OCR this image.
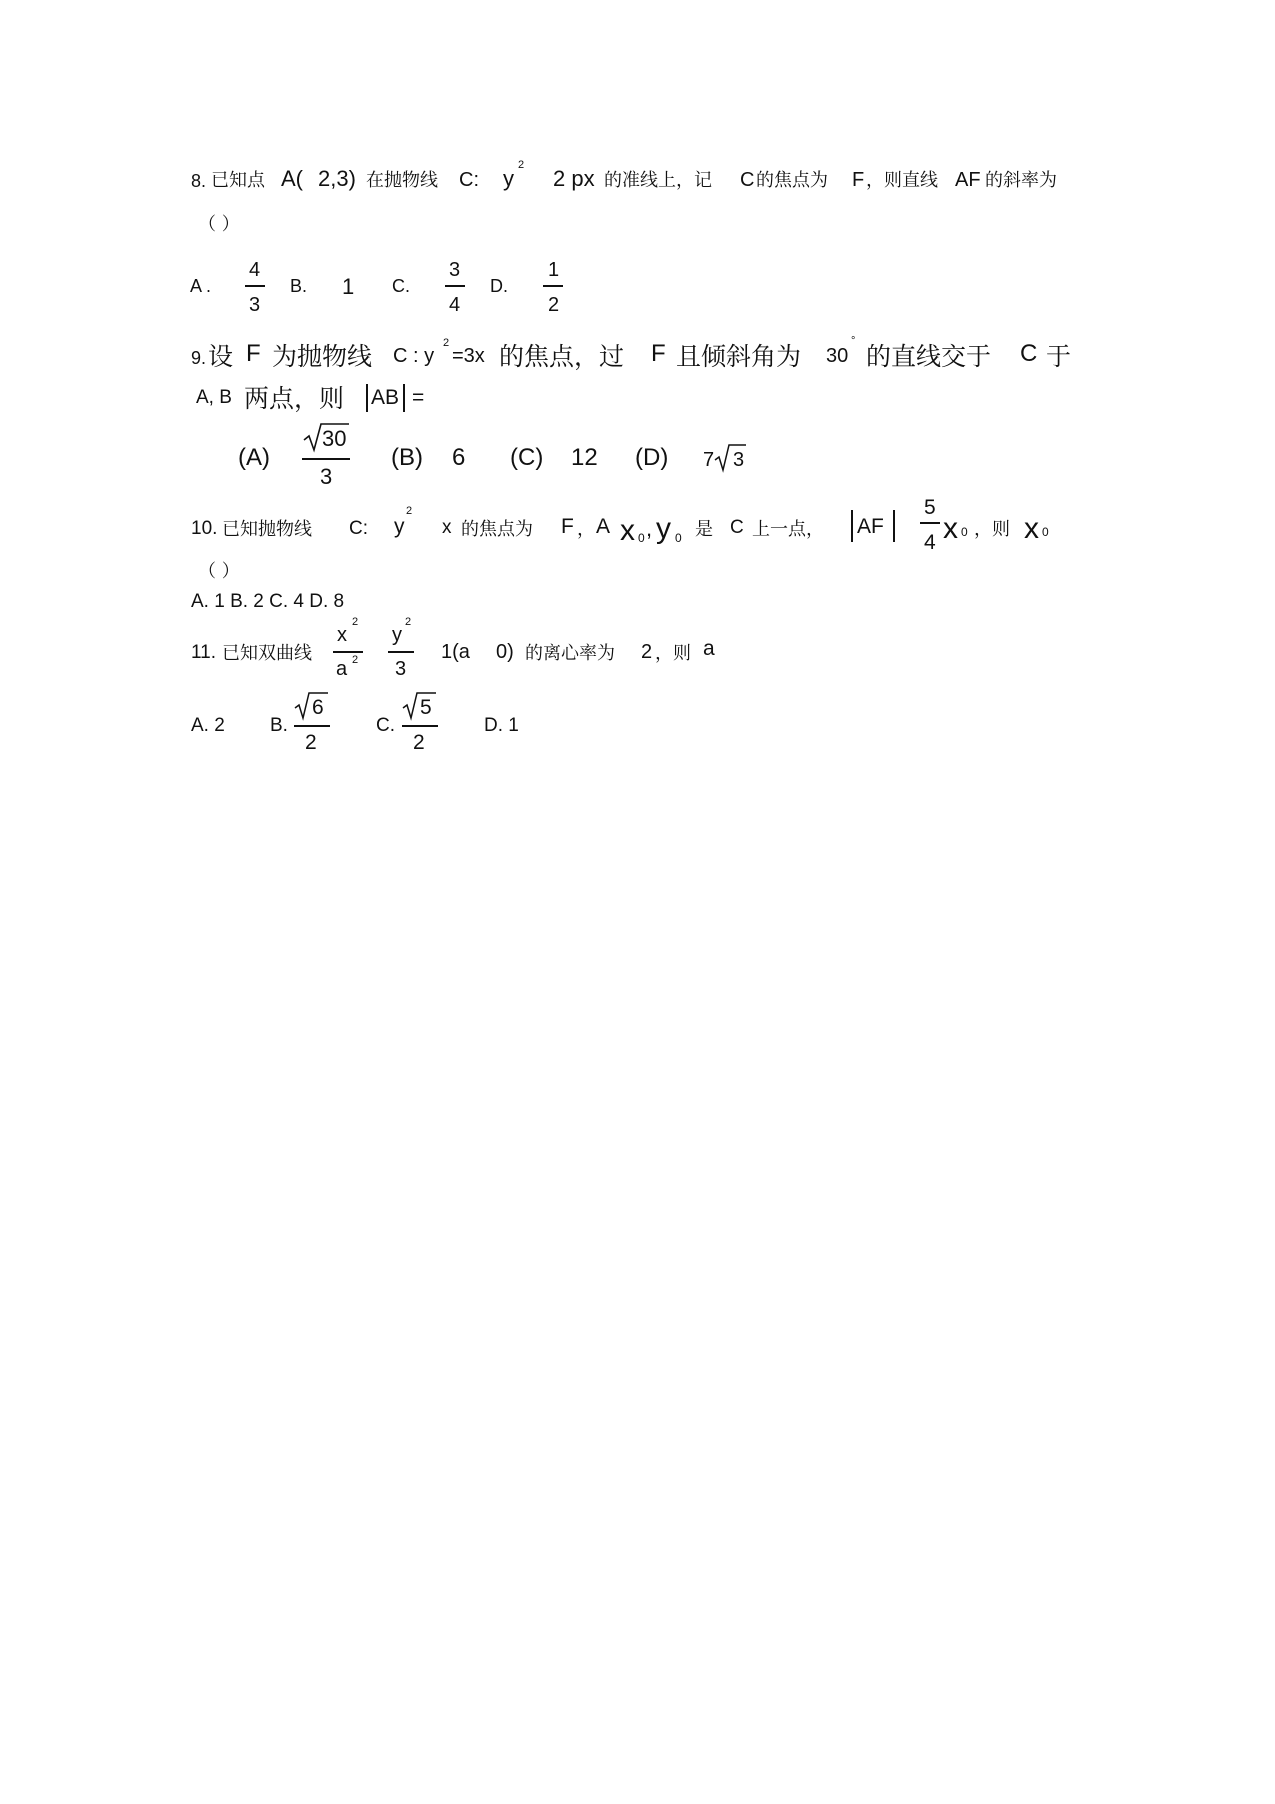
8. 已知点 A( 2,3) 在抛物线 C: y
2
2 px 的准线上，记 C 的焦点为 F ，则直线 AF 的斜率为
（ ）
A .
4
3
B. 1 C.
3
4
D.
1
2
9. 设 F 为抛物线 C : y
2
=3x 的焦点，过 F 且倾斜角为 30
°
的直线交于 C 于
A, B 两点，则 AB =
(A)
30
3
(B) 6 (C) 12 (D) 7 3
10. 已知抛物线 C: y
2
x 的焦点为 F ， A x 0 , y 0 是 C 上一点， AF
5
4 x 0 ，则 x 0
（ ）
A. 1 B. 2 C. 4 D. 8
11. 已知双曲线
x
2
a 2
y
2
3
1(a 0) 的离心率为 2 ，则 a
A. 2 B.
6
2
C.
5
2
D. 1
